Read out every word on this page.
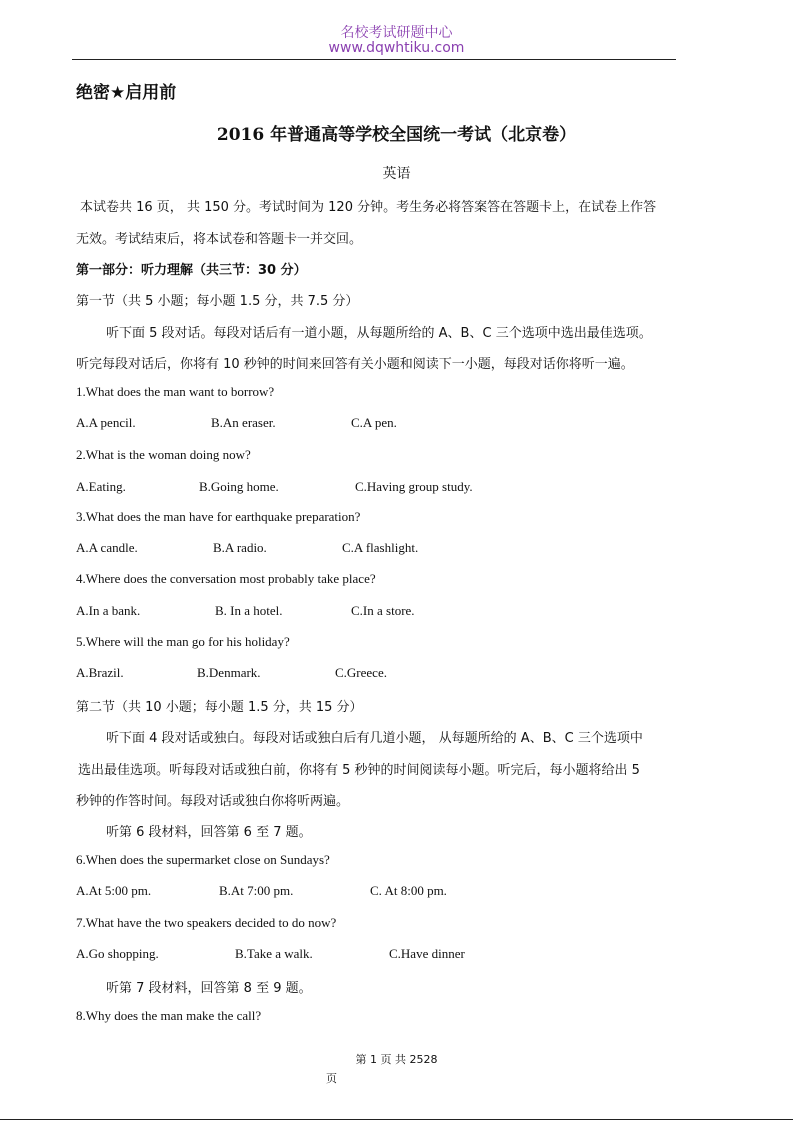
名校考试研题中心
www.dqwhtiku.com
绝密★启用前
2016 年普通高等学校全国统一考试（北京卷）
英语
本试卷共 16 页， 共 150 分。考试时间为 120 分钟。考生务必将答案答在答题卡上，在试卷上作答
无效。考试结束后，将本试卷和答题卡一并交回。
第一部分：听力理解（共三节：30 分）
第一节（共 5 小题；每小题 1.5 分，共 7.5 分）
听下面 5 段对话。每段对话后有一道小题，从每题所给的 A、B、C 三个选项中选出最佳选项。
听完每段对话后，你将有 10 秒钟的时间来回答有关小题和阅读下一小题，每段对话你将听一遍。
1.What does the man want to borrow?
A.A pencil.	B.An eraser.	C.A pen.
2.What is the woman doing now?
A.Eating.	B.Going home.	C.Having group study.
3.What does the man have for earthquake preparation?
A.A candle.	B.A radio.	C.A flashlight.
4.Where does the conversation most probably take place?
A.In a bank.	B. In a hotel.	C.In a store.
5.Where will the man go for his holiday?
A.Brazil.	B.Denmark.	C.Greece.
第二节（共 10 小题；每小题 1.5 分，共 15 分）
听下面 4 段对话或独白。每段对话或独白后有几道小题， 从每题所给的 A、B、C 三个选项中
选出最佳选项。听每段对话或独白前，你将有 5 秒钟的时间阅读每小题。听完后，每小题将给出 5
秒钟的作答时间。每段对话或独白你将听两遍。
听第 6 段材料，回答第 6 至 7 题。
6.When does the supermarket close on Sundays?
A.At 5:00 pm.	B.At 7:00 pm.	C. At 8:00 pm.
7.What have the two speakers decided to do now?
A.Go shopping.	B.Take a walk.	C.Have dinner
听第 7 段材料，回答第 8 至 9 题。
8.Why does the man make the call?
第 1 页 共 2528
页
